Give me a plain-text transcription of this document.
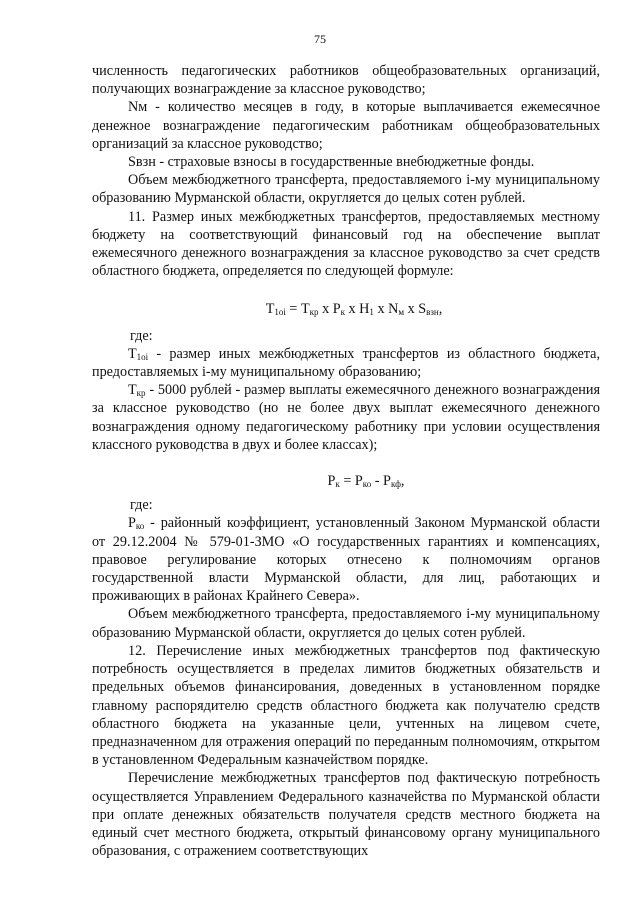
75

численность педагогических работников общеобразовательных организаций, получающих вознаграждение за классное руководство;

Nм - количество месяцев в году, в которые выплачивается ежемесячное денежное вознаграждение педагогическим работникам общеобразовательных организаций за классное руководство;

Sвзн - страховые взносы в государственные внебюджетные фонды.

Объем межбюджетного трансферта, предоставляемого i-му муниципальному образованию Мурманской области, округляется до целых сотен рублей.

11. Размер иных межбюджетных трансфертов, предоставляемых местному бюджету на соответствующий финансовый год на обеспечение выплат ежемесячного денежного вознаграждения за классное руководство за счет средств областного бюджета, определяется по следующей формуле:

$Т_{1oi} = Т_{кр}$ x $Р_к$ x $Н_1$ x $N_м$ x $S_{взн}$,

где:

$Т_{1oi}$ - размер иных межбюджетных трансфертов из областного бюджета, предоставляемых i-му муниципальному образованию;

$Т_{кр} - 5000$ рублей - размер выплаты ежемесячного денежного вознаграждения за классное руководство (но не более двух выплат ежемесячного денежного вознаграждения одному педагогическому работнику при условии осуществления классного руководства в двух и более классах);

$Р_к = Р_{ко} - Р_{кф}$,

где:

$Р_{ко}$ - районный коэффициент, установленный Законом Мурманской области от 29.12.2004 № 579-01-ЗМО «О государственных гарантиях и компенсациях, правовое регулирование которых отнесено к полномочиям органов государственной власти Мурманской области, для лиц, работающих и проживающих в районах Крайнего Севера».

Объем межбюджетного трансферта, предоставляемого i-му муниципальному образованию Мурманской области, округляется до целых сотен рублей.

12. Перечисление иных межбюджетных трансфертов под фактическую потребность осуществляется в пределах лимитов бюджетных обязательств и предельных объемов финансирования, доведенных в установленном порядке главному распорядителю средств областного бюджета как получателю средств областного бюджета на указанные цели, учтенных на лицевом счете, предназначенном для отражения операций по переданным полномочиям, открытом в установленном Федеральным казначейством порядке.

Перечисление межбюджетных трансфертов под фактическую потребность осуществляется Управлением Федерального казначейства по Мурманской области при оплате денежных обязательств получателя средств местного бюджета на единый счет местного бюджета, открытый финансовому органу муниципального образования, с отражением соответствующих
